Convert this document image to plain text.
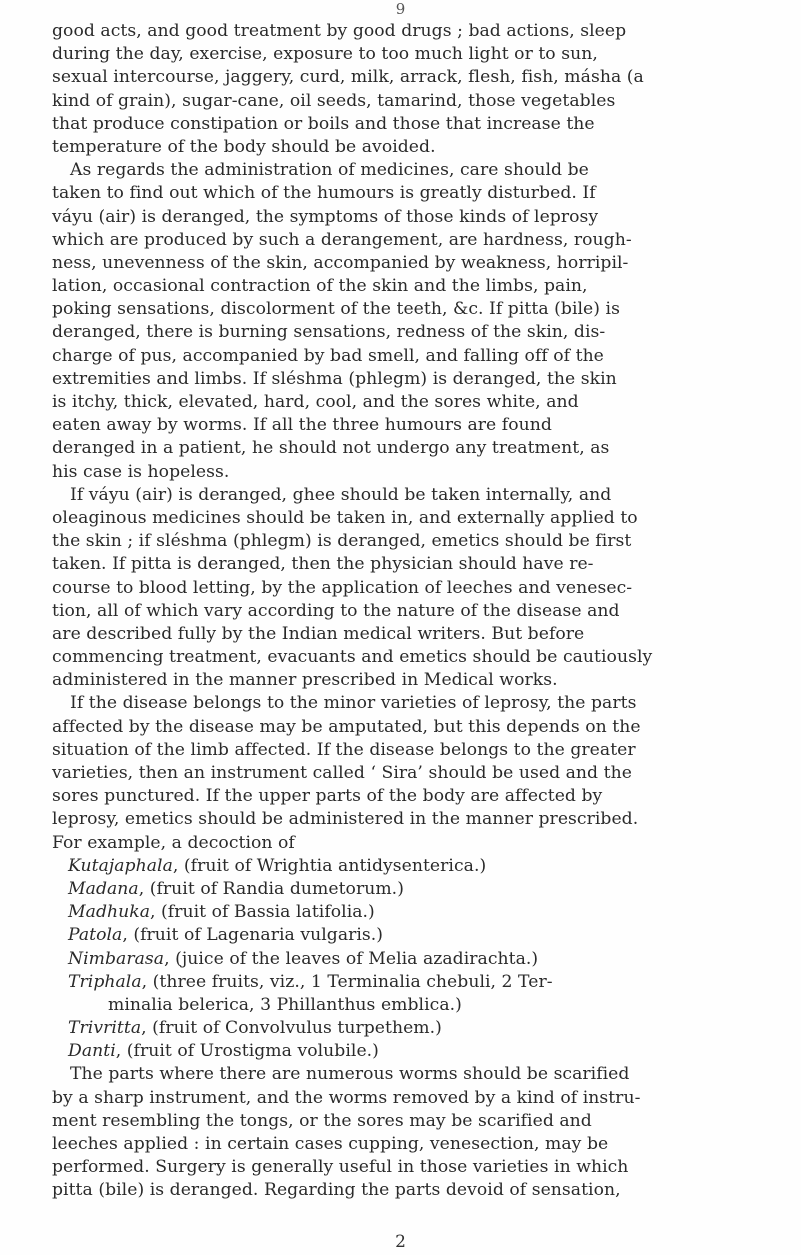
9
good acts, and good treatment by good drugs ; bad actions, sleep
during the day, exercise, exposure to too much light or to sun,
sexual intercourse, jaggery, curd, milk, arrack, flesh, fish, másha (a
kind of grain), sugar-cane, oil seeds, tamarind, those vegetables
that produce constipation or boils and those that increase the
temperature of the body should be avoided.
As regards the administration of medicines, care should be
taken to find out which of the humours is greatly disturbed. If
váyu (air) is deranged, the symptoms of those kinds of leprosy
which are produced by such a derangement, are hardness, rough-
ness, unevenness of the skin, accompanied by weakness, horripil-
lation, occasional contraction of the skin and the limbs, pain,
poking sensations, discolorment of the teeth, &c. If pitta (bile) is
deranged, there is burning sensations, redness of the skin, dis-
charge of pus, accompanied by bad smell, and falling off of the
extremities and limbs. If sléshma (phlegm) is deranged, the skin
is itchy, thick, elevated, hard, cool, and the sores white, and
eaten away by worms. If all the three humours are found
deranged in a patient, he should not undergo any treatment, as
his case is hopeless.
If váyu (air) is deranged, ghee should be taken internally, and
oleaginous medicines should be taken in, and externally applied to
the skin ; if sléshma (phlegm) is deranged, emetics should be first
taken. If pitta is deranged, then the physician should have re-
course to blood letting, by the application of leeches and venesec-
tion, all of which vary according to the nature of the disease and
are described fully by the Indian medical writers. But before
commencing treatment, evacuants and emetics should be cautiously
administered in the manner prescribed in Medical works.
If the disease belongs to the minor varieties of leprosy, the parts
affected by the disease may be amputated, but this depends on the
situation of the limb affected. If the disease belongs to the greater
varieties, then an instrument called ‘ Sira’ should be used and the
sores punctured. If the upper parts of the body are affected by
leprosy, emetics should be administered in the manner prescribed.
For example, a decoction of
Kutajaphala, (fruit of Wrightia antidysenterica.)
Madana, (fruit of Randia dumetorum.)
Madhuka, (fruit of Bassia latifolia.)
Patola, (fruit of Lagenaria vulgaris.)
Nimbarasa, (juice of the leaves of Melia azadirachta.)
Triphala, (three fruits, viz., 1 Terminalia chebuli, 2 Ter-
minalia belerica, 3 Phillanthus emblica.)
Trivritta, (fruit of Convolvulus turpethem.)
Danti, (fruit of Urostigma volubile.)
The parts where there are numerous worms should be scarified
by a sharp instrument, and the worms removed by a kind of instru-
ment resembling the tongs, or the sores may be scarified and
leeches applied : in certain cases cupping, venesection, may be
performed. Surgery is generally useful in those varieties in which
pitta (bile) is deranged. Regarding the parts devoid of sensation,
2
